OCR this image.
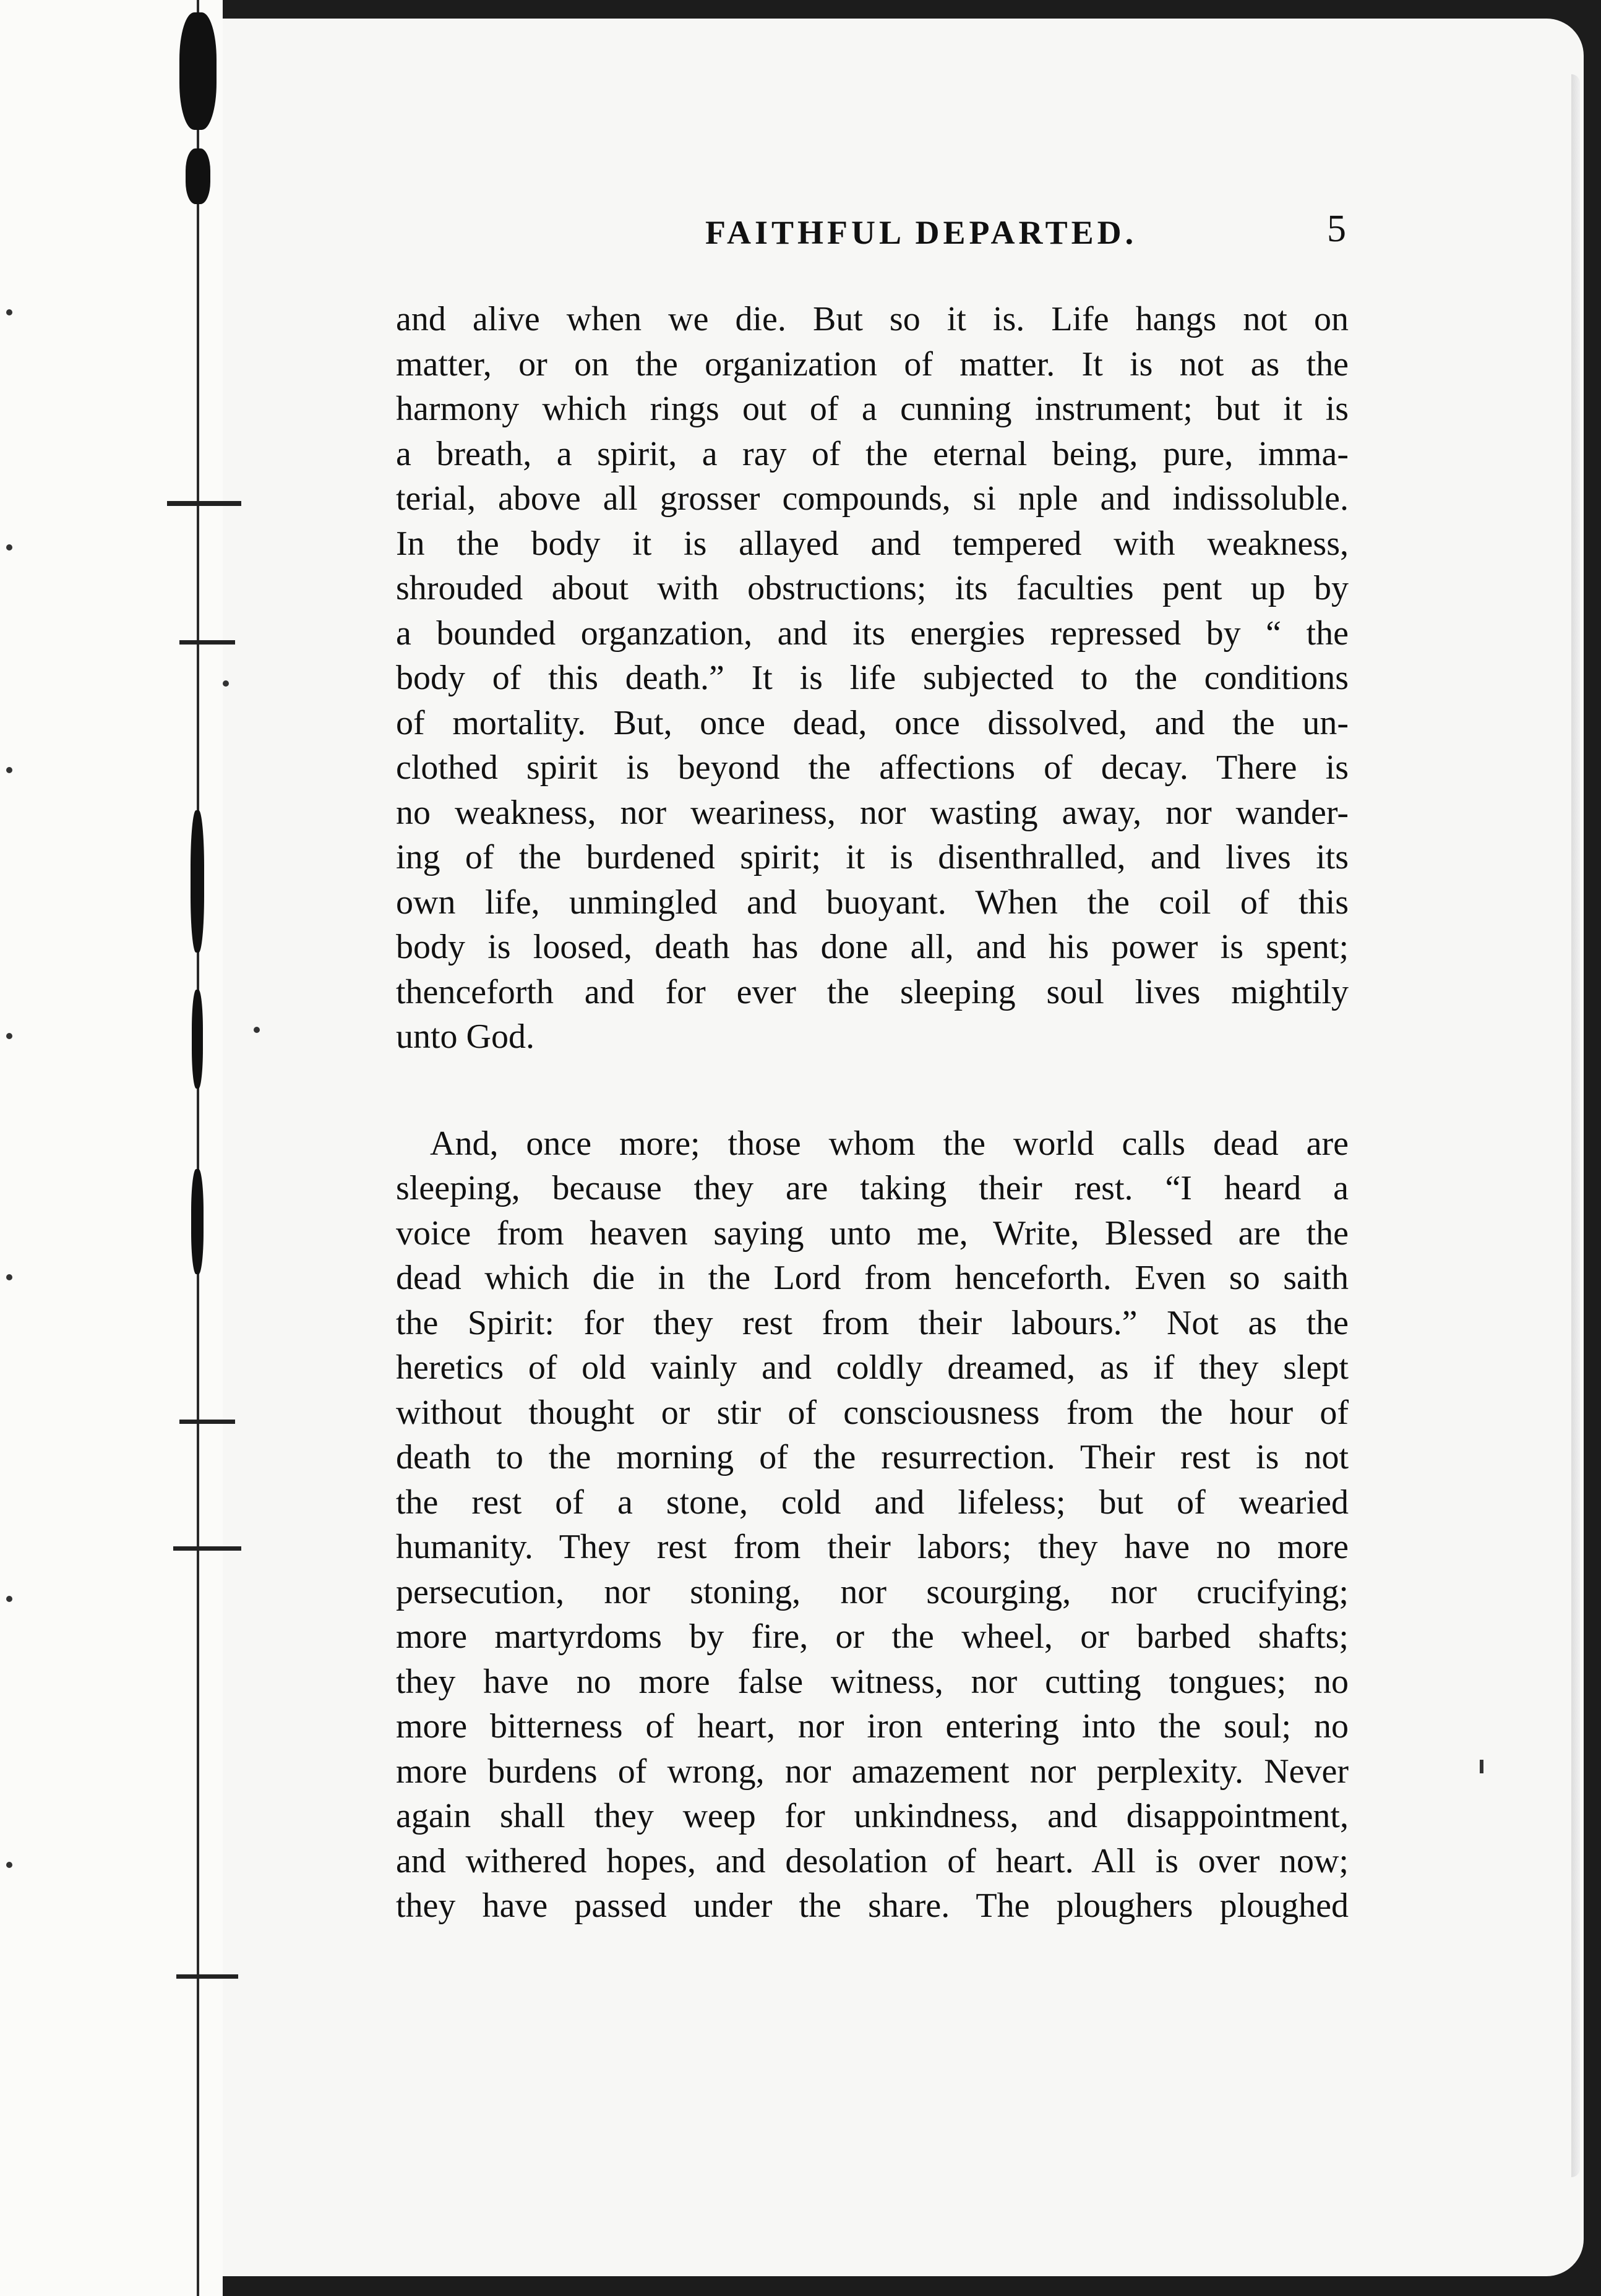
FAITHFUL DEPARTED.	5
and alive when we die. But so it is. Life hangs not on
matter, or on the organization of matter. It is not as the
harmony which rings out of a cunning instrument; but it is
a breath, a spirit, a ray of the eternal being, pure, imma-
terial, above all grosser compounds, si nple and indissoluble.
In the body it is allayed and tempered with weakness,
shrouded about with obstructions; its faculties pent up by
a bounded organzation, and its energies repressed by “ the
body of this death.” It is life subjected to the conditions
of mortality. But, once dead, once dissolved, and the un-
clothed spirit is beyond the affections of decay. There is
no weakness, nor weariness, nor wasting away, nor wander-
ing of the burdened spirit; it is disenthralled, and lives its
own life, unmingled and buoyant. When the coil of this
body is loosed, death has done all, and his power is spent;
thenceforth and for ever the sleeping soul lives mightily
unto God.
And, once more; those whom the world calls dead are
sleeping, because they are taking their rest. “I heard a
voice from heaven saying unto me, Write, Blessed are the
dead which die in the Lord from henceforth. Even so saith
the Spirit: for they rest from their labours.” Not as the
heretics of old vainly and coldly dreamed, as if they slept
without thought or stir of consciousness from the hour of
death to the morning of the resurrection. Their rest is not
the rest of a stone, cold and lifeless; but of wearied
humanity. They rest from their labors; they have no more
persecution, nor stoning, nor scourging, nor crucifying;
more martyrdoms by fire, or the wheel, or barbed shafts;
they have no more false witness, nor cutting tongues; no
more bitterness of heart, nor iron entering into the soul; no
more burdens of wrong, nor amazement nor perplexity. Never
again shall they weep for unkindness, and disappointment,
and withered hopes, and desolation of heart. All is over now;
they have passed under the share. The ploughers ploughed
